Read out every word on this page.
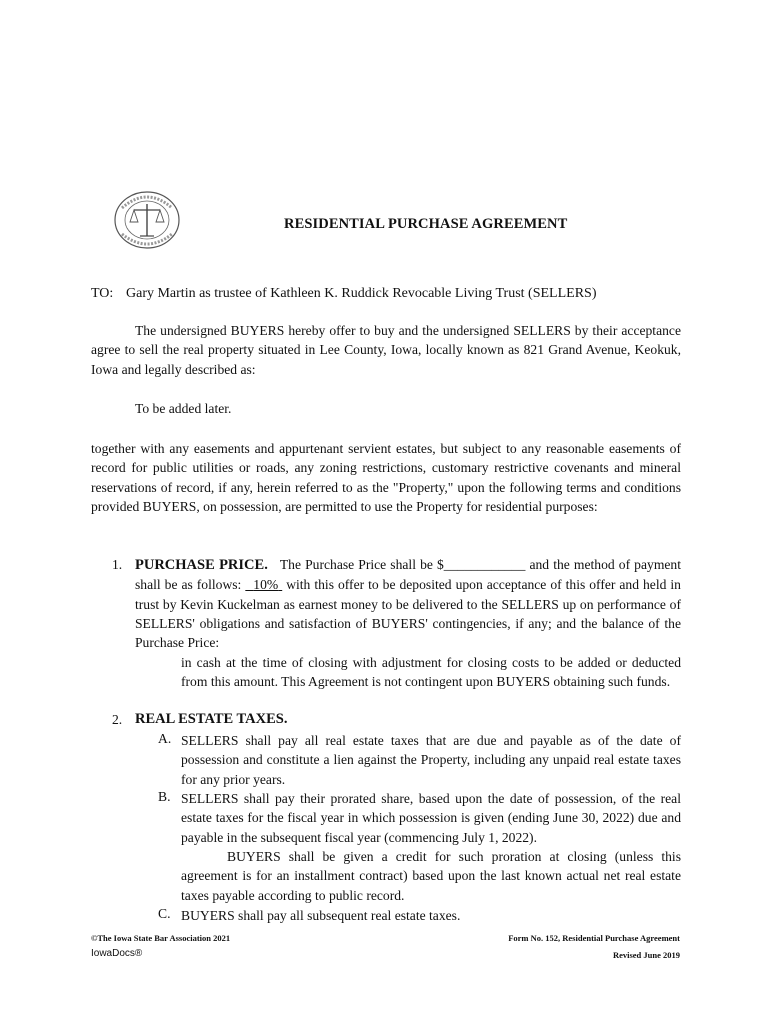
RESIDENTIAL PURCHASE AGREEMENT
TO: Gary Martin as trustee of Kathleen K. Ruddick Revocable Living Trust (SELLERS)
The undersigned BUYERS hereby offer to buy and the undersigned SELLERS by their acceptance agree to sell the real property situated in Lee County, Iowa, locally known as 821 Grand Avenue, Keokuk, Iowa and legally described as:
To be added later.
together with any easements and appurtenant servient estates, but subject to any reasonable easements of record for public utilities or roads, any zoning restrictions, customary restrictive covenants and mineral reservations of record, if any, herein referred to as the "Property," upon the following terms and conditions provided BUYERS, on possession, are permitted to use the Property for residential purposes:
1. PURCHASE PRICE. The Purchase Price shall be $____________ and the method of payment shall be as follows: 10% with this offer to be deposited upon acceptance of this offer and held in trust by Kevin Kuckelman as earnest money to be delivered to the SELLERS up on performance of SELLERS' obligations and satisfaction of BUYERS' contingencies, if any; and the balance of the Purchase Price:
in cash at the time of closing with adjustment for closing costs to be added or deducted from this amount. This Agreement is not contingent upon BUYERS obtaining such funds.
2. REAL ESTATE TAXES.
A. SELLERS shall pay all real estate taxes that are due and payable as of the date of possession and constitute a lien against the Property, including any unpaid real estate taxes for any prior years.
B. SELLERS shall pay their prorated share, based upon the date of possession, of the real estate taxes for the fiscal year in which possession is given (ending June 30, 2022) due and payable in the subsequent fiscal year (commencing July 1, 2022).
BUYERS shall be given a credit for such proration at closing (unless this agreement is for an installment contract) based upon the last known actual net real estate taxes payable according to public record.
C. BUYERS shall pay all subsequent real estate taxes.
©The Iowa State Bar Association 2021
IowaDocs®
Form No. 152, Residential Purchase Agreement
Revised June 2019
